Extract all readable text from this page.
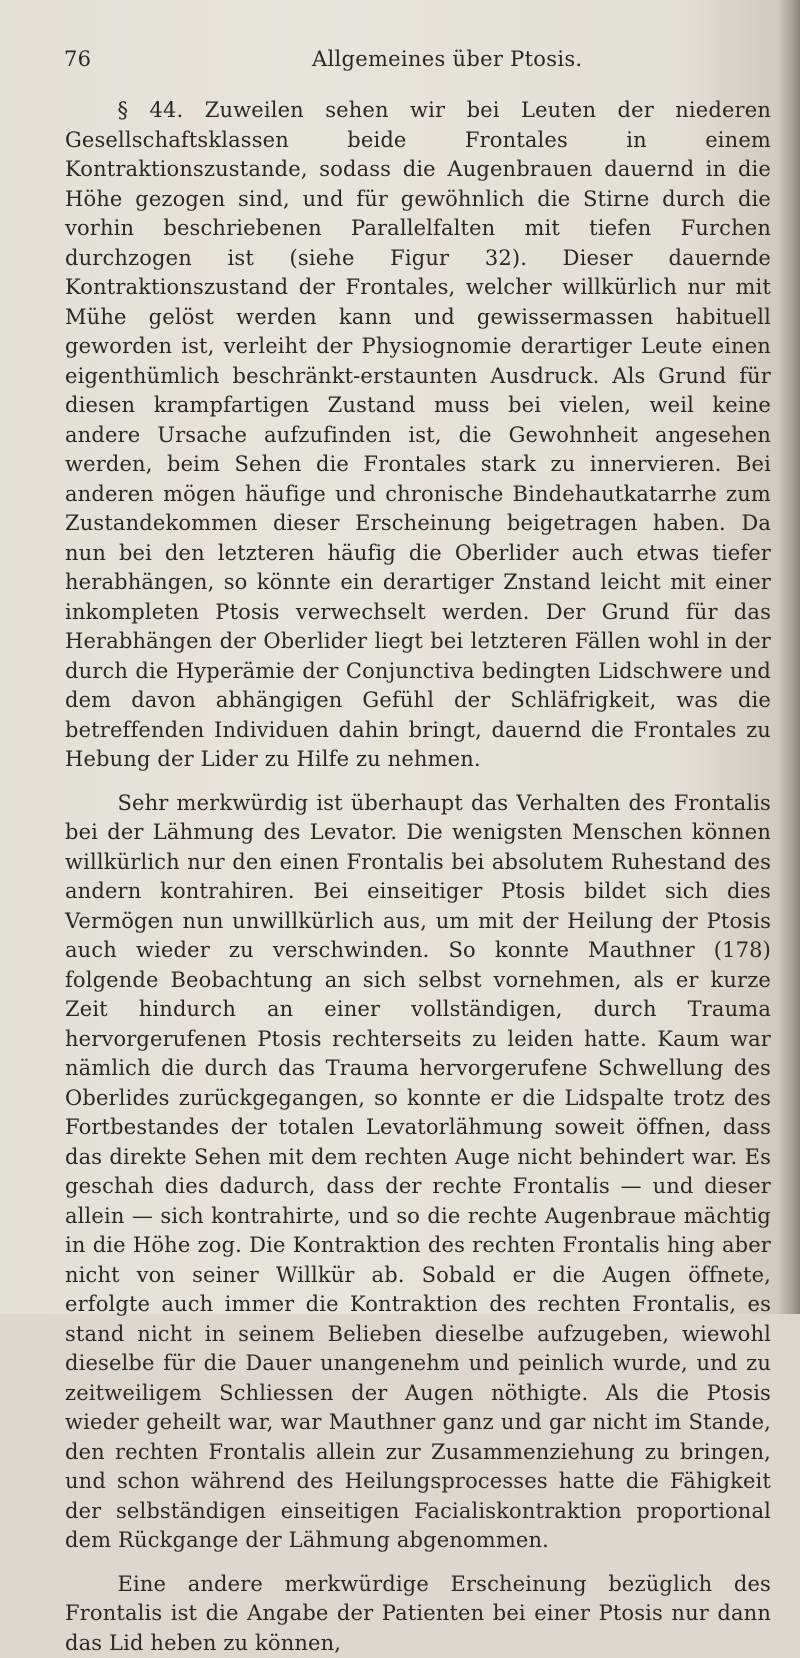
76	Allgemeines über Ptosis.

§ 44. Zuweilen sehen wir bei Leuten der niederen Gesellschaftsklassen beide Frontales in einem Kontraktionszustande, sodass die Augenbrauen dauernd in die Höhe gezogen sind, und für gewöhnlich die Stirne durch die vorhin beschriebenen Parallelfalten mit tiefen Furchen durchzogen ist (siehe Figur 32). Dieser dauernde Kontraktionszustand der Frontales, welcher willkürlich nur mit Mühe gelöst werden kann und gewissermassen habituell geworden ist, verleiht der Physiognomie derartiger Leute einen eigenthümlich beschränkt-erstaunten Ausdruck. Als Grund für diesen krampfartigen Zustand muss bei vielen, weil keine andere Ursache aufzufinden ist, die Gewohnheit angesehen werden, beim Sehen die Frontales stark zu innervieren. Bei anderen mögen häufige und chronische Bindehautkatarrhe zum Zustandekommen dieser Erscheinung beigetragen haben. Da nun bei den letzteren häufig die Oberlider auch etwas tiefer herabhängen, so könnte ein derartiger Znstand leicht mit einer inkompleten Ptosis verwechselt werden. Der Grund für das Herabhängen der Oberlider liegt bei letzteren Fällen wohl in der durch die Hyperämie der Conjunctiva bedingten Lidschwere und dem davon abhängigen Gefühl der Schläfrigkeit, was die betreffenden Individuen dahin bringt, dauernd die Frontales zu Hebung der Lider zu Hilfe zu nehmen.

Sehr merkwürdig ist überhaupt das Verhalten des Frontalis bei der Lähmung des Levator. Die wenigsten Menschen können willkürlich nur den einen Frontalis bei absolutem Ruhestand des andern kontrahiren. Bei einseitiger Ptosis bildet sich dies Vermögen nun unwillkürlich aus, um mit der Heilung der Ptosis auch wieder zu verschwinden. So konnte Mauthner (178) folgende Beobachtung an sich selbst vornehmen, als er kurze Zeit hindurch an einer vollständigen, durch Trauma hervorgerufenen Ptosis rechterseits zu leiden hatte. Kaum war nämlich die durch das Trauma hervorgerufene Schwellung des Oberlides zurückgegangen, so konnte er die Lidspalte trotz des Fortbestandes der totalen Levatorlähmung soweit öffnen, dass das direkte Sehen mit dem rechten Auge nicht behindert war. Es geschah dies dadurch, dass der rechte Frontalis — und dieser allein — sich kontrahirte, und so die rechte Augenbraue mächtig in die Höhe zog. Die Kontraktion des rechten Frontalis hing aber nicht von seiner Willkür ab. Sobald er die Augen öffnete, erfolgte auch immer die Kontraktion des rechten Frontalis, es stand nicht in seinem Belieben dieselbe aufzugeben, wiewohl dieselbe für die Dauer unangenehm und peinlich wurde, und zu zeitweiligem Schliessen der Augen nöthigte. Als die Ptosis wieder geheilt war, war Mauthner ganz und gar nicht im Stande, den rechten Frontalis allein zur Zusammenziehung zu bringen, und schon während des Heilungsprocesses hatte die Fähigkeit der selbständigen einseitigen Facialiskontraktion proportional dem Rückgange der Lähmung abgenommen.

Eine andere merkwürdige Erscheinung bezüglich des Frontalis ist die Angabe der Patienten bei einer Ptosis nur dann das Lid heben zu können,
